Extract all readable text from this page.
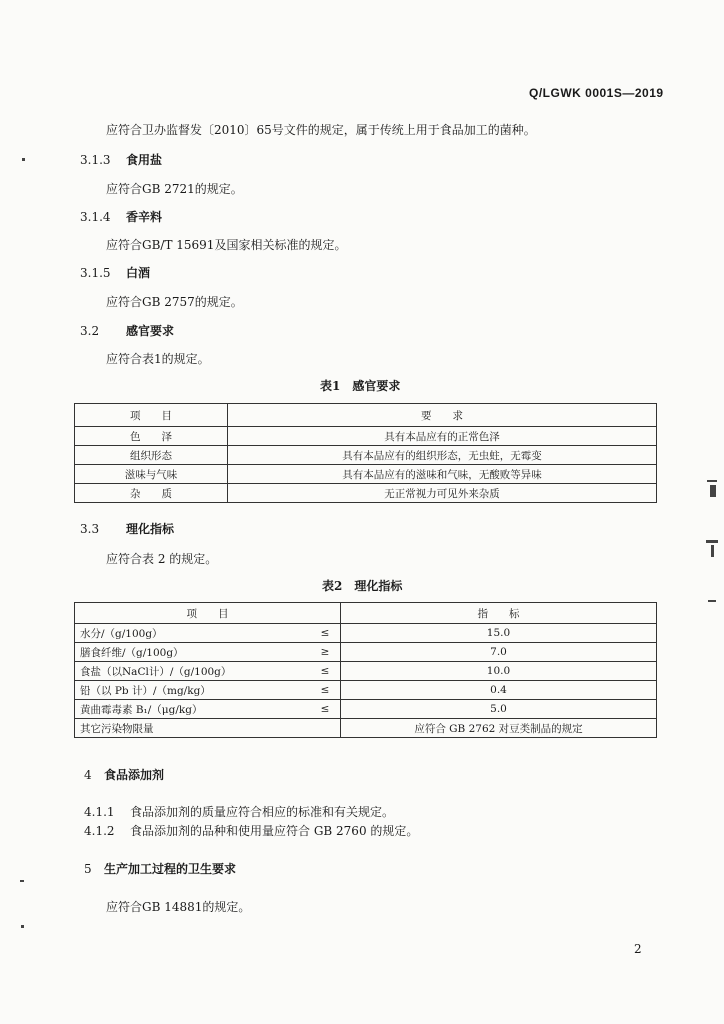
Q/LGWK 0001S—2019
应符合卫办监督发〔2010〕65号文件的规定，属于传统上用于食品加工的菌种。
3.1.3 食用盐
应符合GB 2721的规定。
3.1.4 香辛料
应符合GB/T 15691及国家相关标准的规定。
3.1.5 白酒
应符合GB 2757的规定。
3.2 感官要求
应符合表1的规定。
表1　感官要求
项　　目	要　　求
色　　泽	具有本品应有的正常色泽
组织形态	具有本品应有的组织形态，无虫蛀，无霉变
滋味与气味	具有本品应有的滋味和气味，无酸败等异味
杂　　质	无正常视力可见外来杂质
3.3 理化指标
应符合表 2 的规定。
表2　理化指标
项　　目		指　　标
水分/（g/100g）	≤	15.0
膳食纤维/（g/100g）	≥	7.0
食盐（以NaCl计）/（g/100g）	≤	10.0
铅（以 Pb 计）/（mg/kg）	≤	0.4
黄曲霉毒素 B₁/（μg/kg）	≤	5.0
其它污染物限量		应符合 GB 2762 对豆类制品的规定
4 食品添加剂
4.1.1 食品添加剂的质量应符合相应的标准和有关规定。
4.1.2 食品添加剂的品种和使用量应符合 GB 2760 的规定。
5 生产加工过程的卫生要求
应符合GB 14881的规定。
2
